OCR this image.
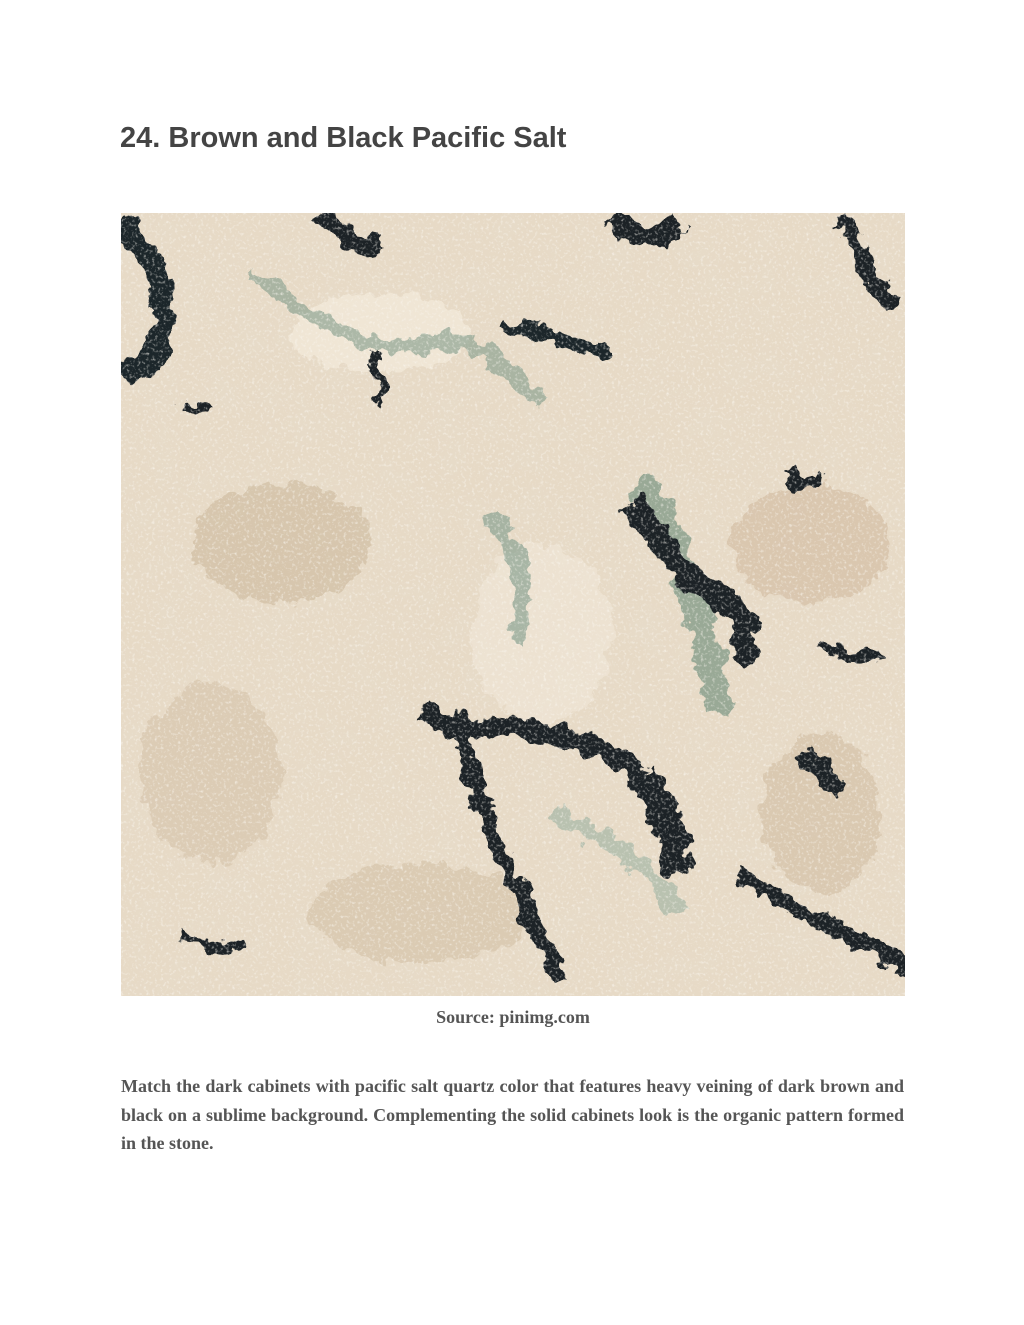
24. Brown and Black Pacific Salt
Source: pinimg.com

Match the dark cabinets with pacific salt quartz color that features heavy veining of dark brown and black on a sublime background. Complementing the solid cabinets look is the organic pattern formed in the stone.
